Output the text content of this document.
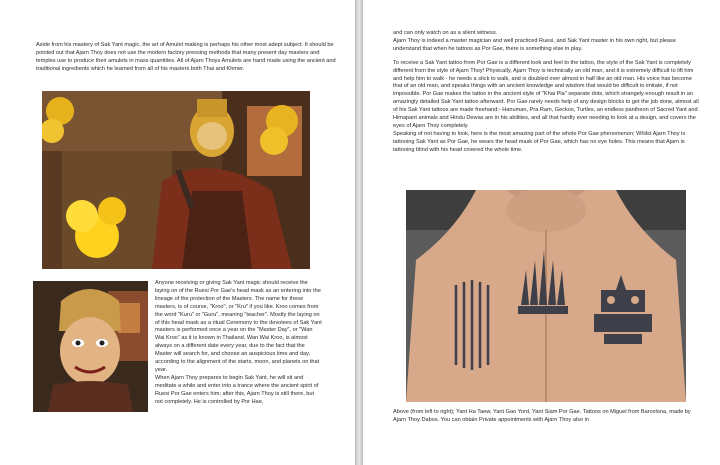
Aside from his mastery of Sak Yant magic, the art of Amulet making is perhaps his other most adept subject. It should be pointed out that Ajarn Thoy does not use the modern factory pressing methods that many present day masters and temples use to produce their amulets in mass quantities. All of Ajarn Thoys Amulets are hand made using the ancient and traditional ingredients which he learned from all of his masters both Thai and Khmer.

Anyone receiving or giving Sak Yant magic should receive the laying on of the Ruesi Por Gae's head mask as an entering into the lineage of the protection of the Masters. The name for these masters, is of course, "Kroo", or "Kru" if you like. Kroo comes from the word "Kuru" or "Guru", meaning "teacher". Mostly the laying on of this head mask as a ritual Ceremony to the devotees of Sak Yant masters is performed once a year on the "Master Day", or "Wan Wai Kroo" as it is known in Thailand. Wan Wai Kroo, is almost always on a different date every year, due to the fact that the Master will search for, and choose an auspicious time and day, according to the alignment of the starts, moon, and planets on that year.

When Ajarn Thoy prepares to begin Sak Yant, he will sit and meditate a while and enter into a trance where the ancient spirit of Ruesi Por Gae enters him; after this, Ajarn Thoy is still there, but not completely. He is controlled by Por Hae,

and can only watch on as a silent witness.

Ajarn Thoy is indeed a master magician and well practiced Ruesi, and Sak Yant master in his own right, but please understand that when he tattoos as Por Gae, there is something else in play.

To receive a Sak Yant tattoo from Por Gae is a different look and feel to the tattoo, the style of the Sak Yant is completely different from the style of Ajarn Thoy! Physically, Ajarn Thoy is technically an old man, and it is extremely difficult to lift him and help him to walk - he needs a stick to walk, and is doubled over almost in half like an old man. His voice has become that of an old man, and speaks things with an ancient knowledge and wisdom that would be difficult to imitate, if not impossible. Por Gae makes the tattoo in the ancient style of "Khai Pla" separate dots, which strangely enough result in an amazingly detailed Sak Yant tattoo afterward. Por Gae rarely needs help of any design blocks to get the job done, almost all of his Sak Yant tattoos are made freehand:- Hanuman, Pra Ram, Geckos, Turtles, an endless pantheon of Sacred Yant and Himapant animals and Hindu Dewas are in his abilities, and all that hardly ever needing to look at a design, and covers the eyes of Ajarn Thoy completely.

Speaking of not having to look, here is the most amazing part of the whole Por Gae phenomenon; Whilst Ajarn Thoy is tattooing Sak Yant as Por Gae, he wears the head mask of Por Gae, which has no eye holes. This means that Ajarn is tattooing blind with his head covered the whole time.

Above (from left to right); Yant Ha Taew, Yant Gao Yord, Yant Siam Por Gae. Tattoos on Miguel from Barcelona, made by Ajarn Thoy Dabos. You can obtain Private appointments with Ajarn Thoy also in
